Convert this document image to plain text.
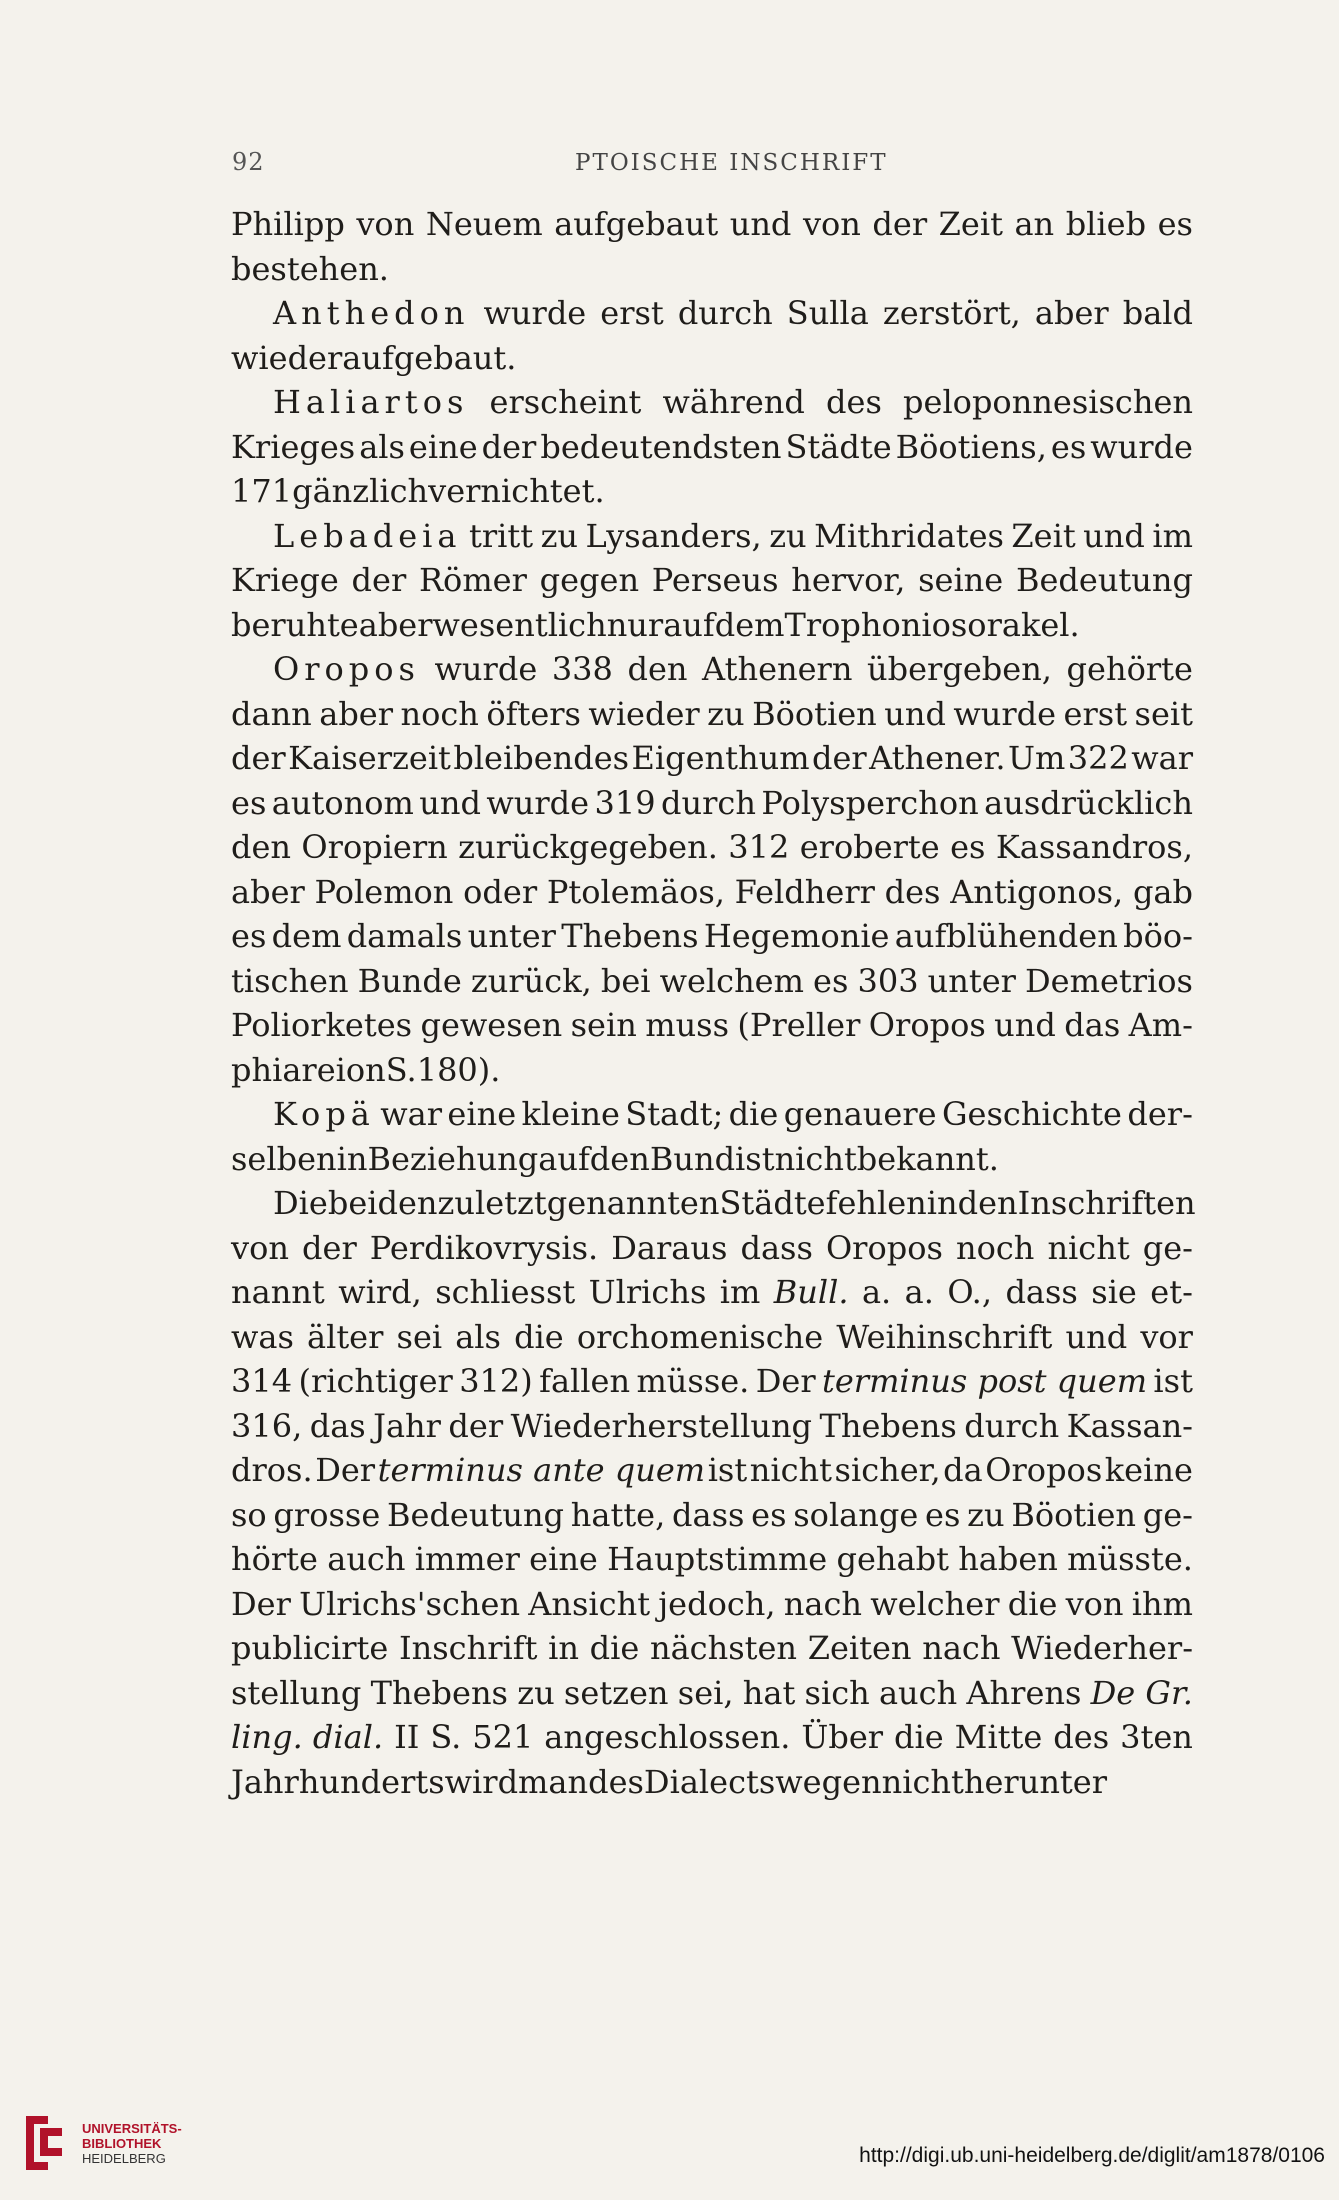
92	PTOISCHE INSCHRIFT
Philipp von Neuem aufgebaut und von der Zeit an blieb es
bestehen.
Anthedon wurde erst durch Sulla zerstört, aber bald
wieder aufgebaut.
Haliartos erscheint während des peloponnesischen
Krieges als eine der bedeutendsten Städte Böotiens, es wurde
171 gänzlich vernichtet.
Lebadeia tritt zu Lysanders, zu Mithridates Zeit und im
Kriege der Römer gegen Perseus hervor, seine Bedeutung
beruhte aber wesentlich nur auf dem Trophoniosorakel.
Oropos wurde 338 den Athenern übergeben, gehörte
dann aber noch öfters wieder zu Böotien und wurde erst seit
der Kaiserzeit bleibendes Eigenthum der Athener. Um 322 war
es autonom und wurde 319 durch Polysperchon ausdrücklich
den Oropiern zurückgegeben. 312 eroberte es Kassandros,
aber Polemon oder Ptolemäos, Feldherr des Antigonos, gab
es dem damals unter Thebens Hegemonie aufblühenden böo-
tischen Bunde zurück, bei welchem es 303 unter Demetrios
Poliorketes gewesen sein muss (Preller Oropos und das Am-
phiareion S. 180).
Kopä war eine kleine Stadt; die genauere Geschichte der-
selben in Beziehung auf den Bund ist nicht bekannt.
Die beiden zuletzt genannten Städte fehlen in den Inschriften
von der Perdikovrysis. Daraus dass Oropos noch nicht ge-
nannt wird, schliesst Ulrichs im Bull. a. a. O., dass sie et-
was älter sei als die orchomenische Weihinschrift und vor
314 (richtiger 312) fallen müsse. Der terminus post quem ist
316, das Jahr der Wiederherstellung Thebens durch Kassan-
dros. Der terminus ante quem ist nicht sicher, da Oropos keine
so grosse Bedeutung hatte, dass es solange es zu Böotien ge-
hörte auch immer eine Hauptstimme gehabt haben müsste.
Der Ulrichs'schen Ansicht jedoch, nach welcher die von ihm
publicirte Inschrift in die nächsten Zeiten nach Wiederher-
stellung Thebens zu setzen sei, hat sich auch Ahrens De Gr.
ling. dial. II S. 521 angeschlossen. Über die Mitte des 3ten
Jahrhunderts wird man des Dialects wegen nicht herunter
UNIVERSITÄTS-
BIBLIOTHEK
HEIDELBERG	http://digi.ub.uni-heidelberg.de/diglit/am1878/0106
